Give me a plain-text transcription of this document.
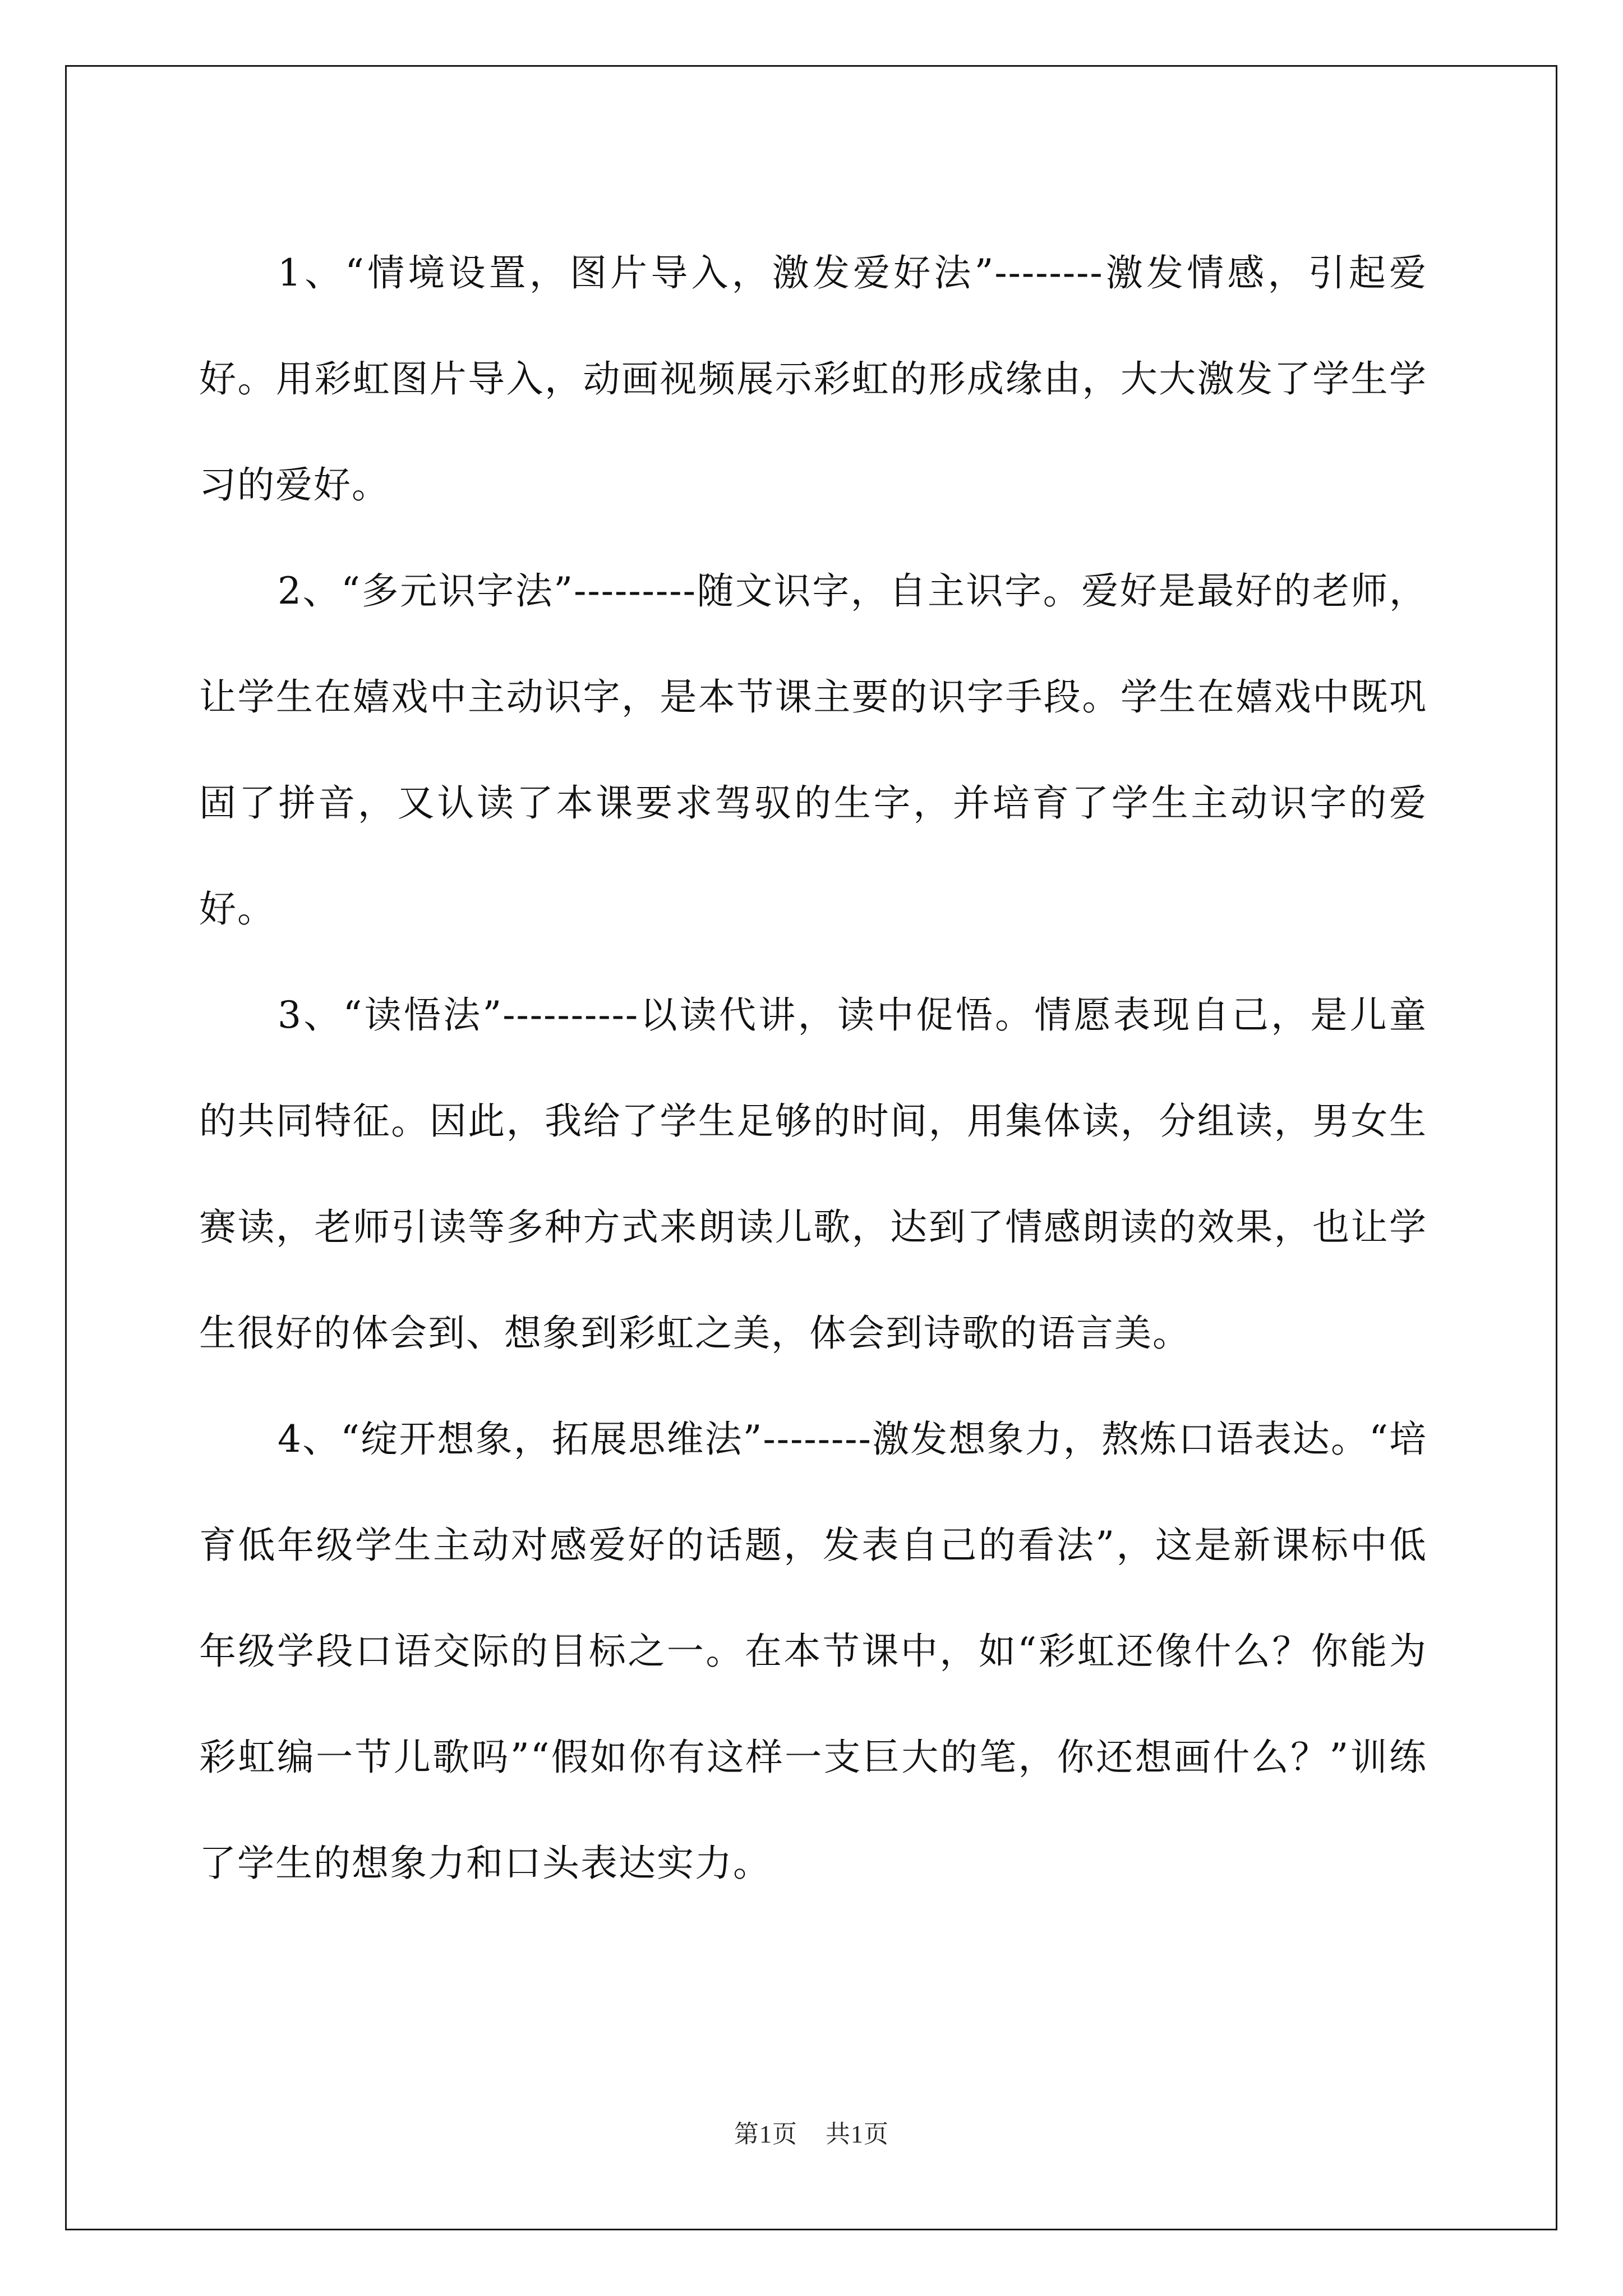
1、“情境设置，图片导入，激发爱好法”--------激发情感，引起爱好。用彩虹图片导入，动画视频展示彩虹的形成缘由，大大激发了学生学习的爱好。

2、“多元识字法”---------随文识字，自主识字。爱好是最好的老师，让学生在嬉戏中主动识字，是本节课主要的识字手段。学生在嬉戏中既巩固了拼音，又认读了本课要求驾驭的生字，并培育了学生主动识字的爱好。

3、“读悟法”----------以读代讲，读中促悟。情愿表现自己，是儿童的共同特征。因此，我给了学生足够的时间，用集体读，分组读，男女生赛读，老师引读等多种方式来朗读儿歌，达到了情感朗读的效果，也让学生很好的体会到、想象到彩虹之美，体会到诗歌的语言美。

4、“绽开想象，拓展思维法”--------激发想象力，熬炼口语表达。“培育低年级学生主动对感爱好的话题，发表自己的看法”，这是新课标中低年级学段口语交际的目标之一。在本节课中，如“彩虹还像什么？你能为彩虹编一节儿歌吗”“假如你有这样一支巨大的笔，你还想画什么？”训练了学生的想象力和口头表达实力。

第1页 共1页
